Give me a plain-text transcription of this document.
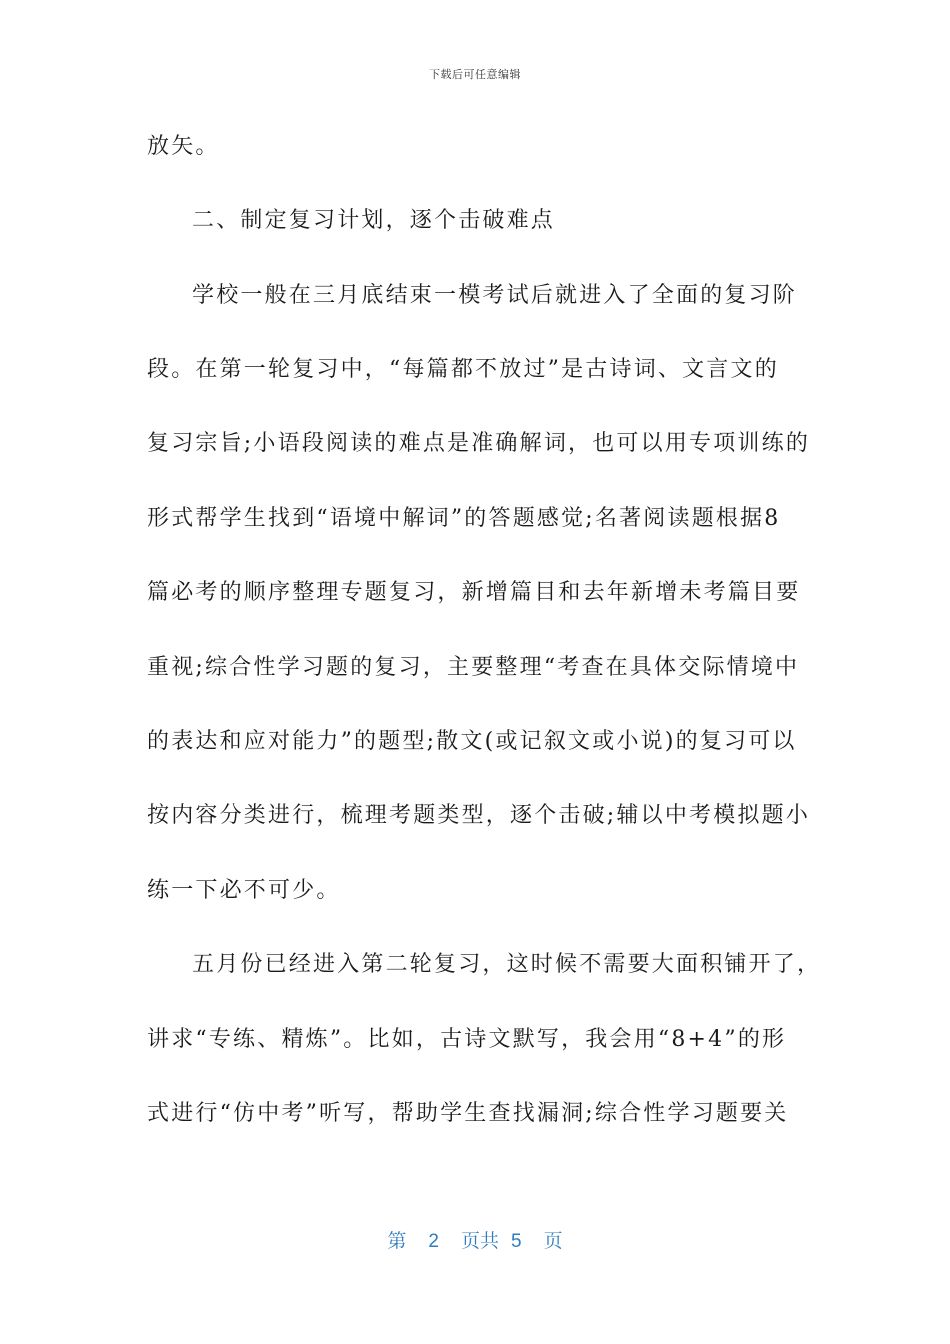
下载后可任意编辑
放矢。
二、制定复习计划，逐个击破难点
学校一般在三月底结束一模考试后就进入了全面的复习阶
段。在第一轮复习中，“每篇都不放过”是古诗词、文言文的
复习宗旨;小语段阅读的难点是准确解词，也可以用专项训练的
形式帮学生找到“语境中解词”的答题感觉;名著阅读题根据8
篇必考的顺序整理专题复习，新增篇目和去年新增未考篇目要
重视;综合性学习题的复习，主要整理“考查在具体交际情境中
的表达和应对能力”的题型;散文(或记叙文或小说)的复习可以
按内容分类进行，梳理考题类型，逐个击破;辅以中考模拟题小
练一下必不可少。
五月份已经进入第二轮复习，这时候不需要大面积铺开了，
讲求“专练、精炼”。比如，古诗文默写，我会用“8+4”的形
式进行“仿中考”听写，帮助学生查找漏洞;综合性学习题要关
第 2 页共 5 页
